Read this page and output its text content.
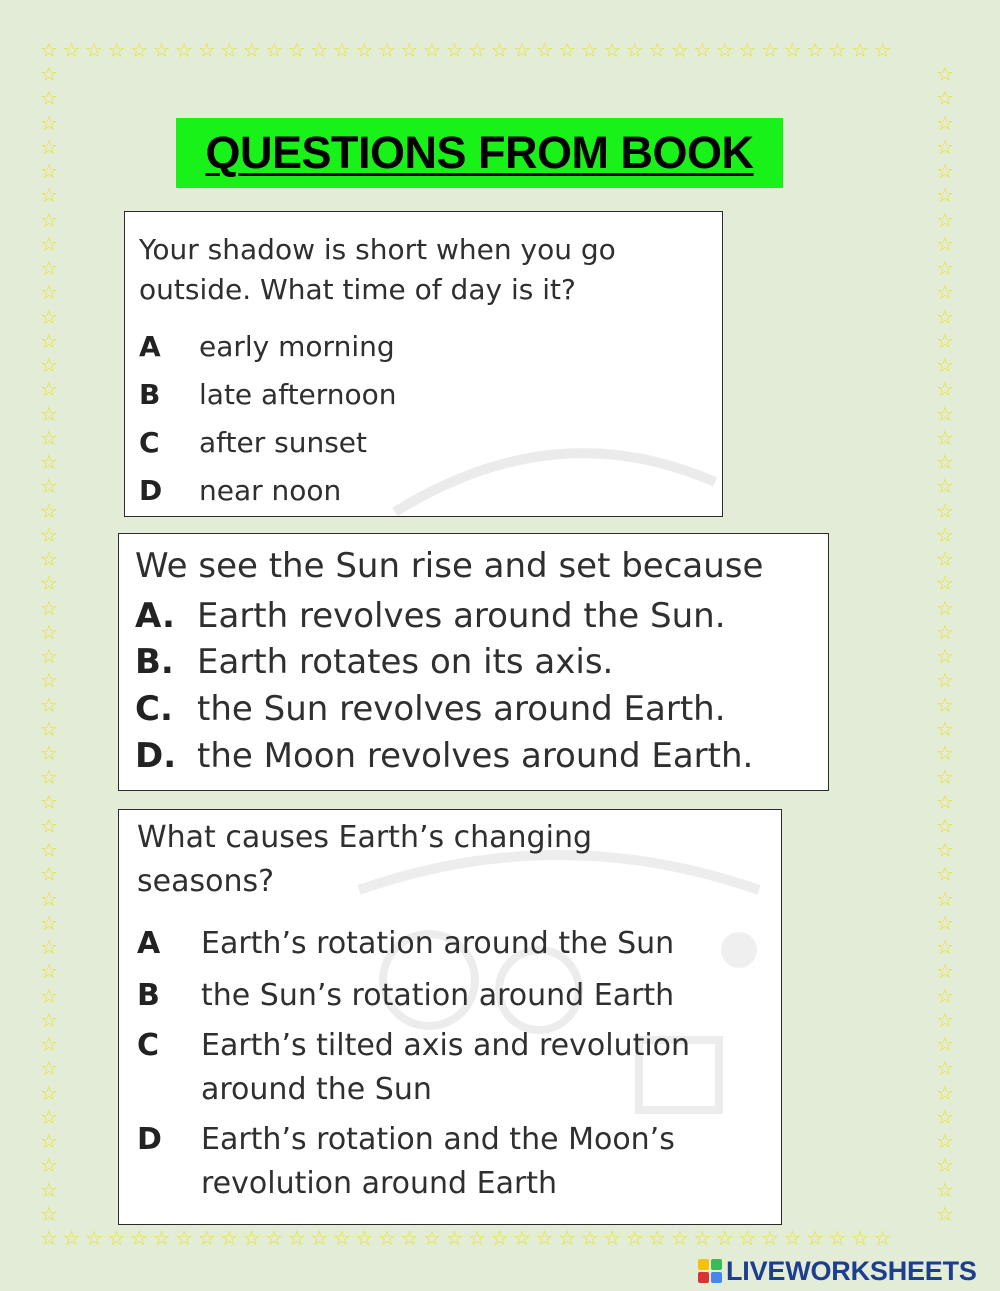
☆☆☆☆☆☆☆☆☆☆☆☆☆☆☆☆☆☆☆☆☆☆☆☆☆☆☆☆☆☆☆☆☆☆☆☆☆☆
☆☆☆☆☆☆☆☆☆☆☆☆☆☆☆☆☆☆☆☆☆☆☆☆☆☆☆☆☆☆☆☆☆☆☆☆☆☆
☆
☆
☆
☆
☆
☆
☆
☆
☆
☆
☆
☆
☆
☆
☆
☆
☆
☆
☆
☆
☆
☆
☆
☆
☆
☆
☆
☆
☆
☆
☆
☆
☆
☆
☆
☆
☆
☆
☆
☆
☆
☆
☆
☆
☆
☆
☆
☆
☆
☆
☆
☆
☆
☆
☆
☆
☆
☆
☆
☆
☆
☆
☆
☆
☆
☆
☆
☆
☆
☆
☆
☆
☆
☆
☆
☆
☆
☆
☆
☆
☆
☆
☆
☆
☆
☆
☆
☆
☆
☆
☆
☆
☆
☆
☆
☆
QUESTIONS FROM BOOK
Your shadow is short when you go
outside. What time of day is it?
A	early morning
B	late afternoon
C	after sunset
D	near noon
We see the Sun rise and set because
A. Earth revolves around the Sun.
B. Earth rotates on its axis.
C. the Sun revolves around Earth.
D. the Moon revolves around Earth.
What causes Earth’s changing
seasons?
A	Earth’s rotation around the Sun
B	the Sun’s rotation around Earth
C	Earth’s tilted axis and revolution
around the Sun
D	Earth’s rotation and the Moon’s
revolution around Earth
LIVEWORKSHEETS
